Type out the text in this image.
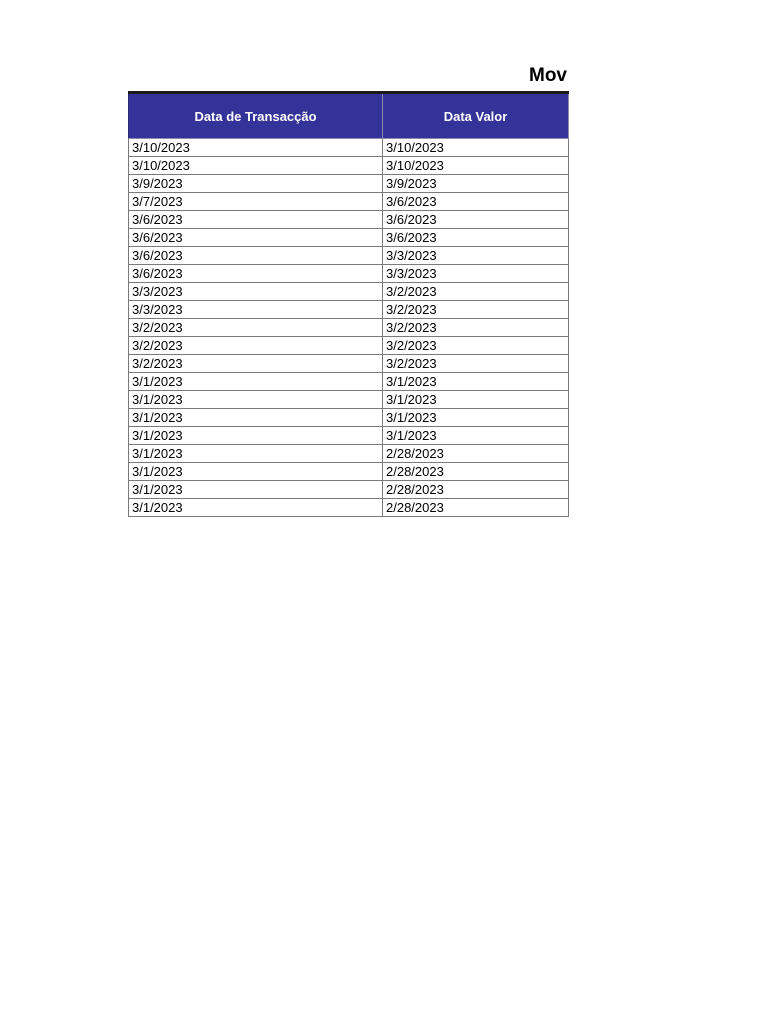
Mov
Data de Transacção	Data Valor
3/10/2023	3/10/2023
3/10/2023	3/10/2023
3/9/2023	3/9/2023
3/7/2023	3/6/2023
3/6/2023	3/6/2023
3/6/2023	3/6/2023
3/6/2023	3/3/2023
3/6/2023	3/3/2023
3/3/2023	3/2/2023
3/3/2023	3/2/2023
3/2/2023	3/2/2023
3/2/2023	3/2/2023
3/2/2023	3/2/2023
3/1/2023	3/1/2023
3/1/2023	3/1/2023
3/1/2023	3/1/2023
3/1/2023	3/1/2023
3/1/2023	2/28/2023
3/1/2023	2/28/2023
3/1/2023	2/28/2023
3/1/2023	2/28/2023
